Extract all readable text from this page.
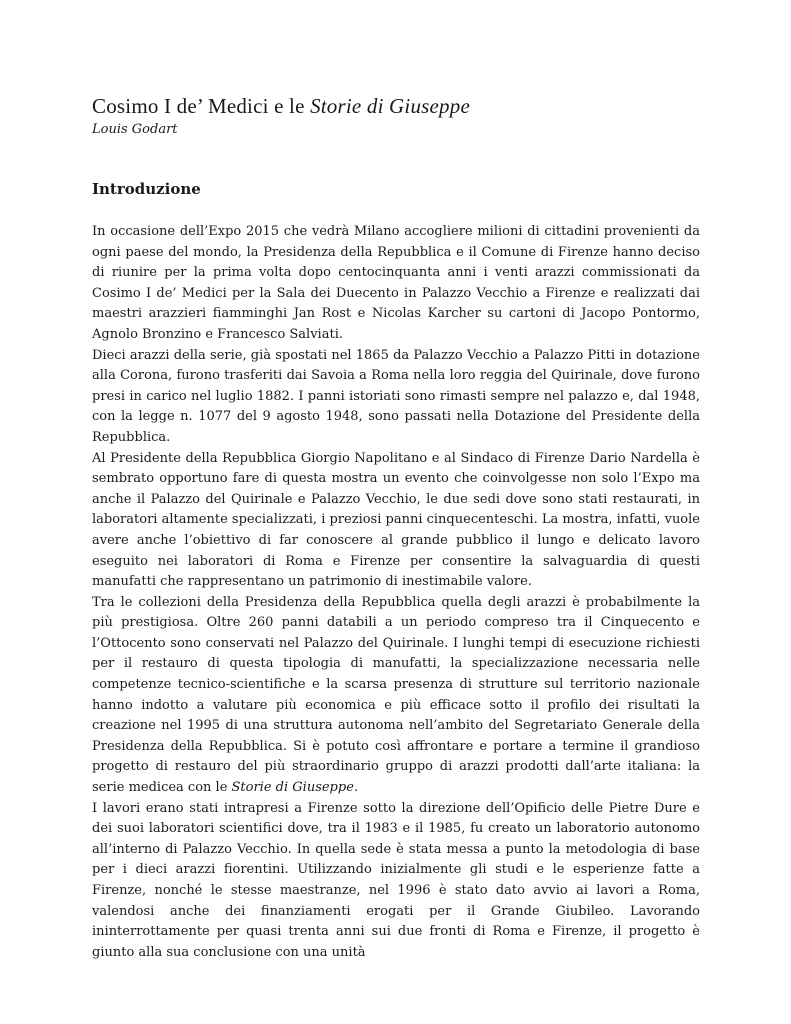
Cosimo I de’ Medici e le Storie di Giuseppe

Louis Godart

Introduzione

In occasione dell’Expo 2015 che vedrà Milano accogliere milioni di cittadini provenienti da ogni paese del mondo, la Presidenza della Repubblica e il Comune di Firenze hanno deciso di riunire per la prima volta dopo centocinquanta anni i venti arazzi commissionati da Cosimo I de’ Medici per la Sala dei Duecento in Palazzo Vecchio a Firenze e realizzati dai maestri arazzieri fiamminghi Jan Rost e Nicolas Karcher su cartoni di Jacopo Pontormo, Agnolo Bronzino e Francesco Salviati.

Dieci arazzi della serie, già spostati nel 1865 da Palazzo Vecchio a Palazzo Pitti in dotazione alla Corona, furono trasferiti dai Savoia a Roma nella loro reggia del Quirinale, dove furono presi in carico nel luglio 1882. I panni istoriati sono rimasti sempre nel palazzo e, dal 1948, con la legge n. 1077 del 9 agosto 1948, sono passati nella Dotazione del Presidente della Repubblica.

Al Presidente della Repubblica Giorgio Napolitano e al Sindaco di Firenze Dario Nardella è sembrato opportuno fare di questa mostra un evento che coinvolgesse non solo l’Expo ma anche il Palazzo del Quirinale e Palazzo Vecchio, le due sedi dove sono stati restaurati, in laboratori altamente specializzati, i preziosi panni cinquecenteschi. La mostra, infatti, vuole avere anche l’obiettivo di far conoscere al grande pubblico il lungo e delicato lavoro eseguito nei laboratori di Roma e Firenze per consentire la salvaguardia di questi manufatti che rappresentano un patrimonio di inestimabile valore.

Tra le collezioni della Presidenza della Repubblica quella degli arazzi è probabilmente la più prestigiosa. Oltre 260 panni databili a un periodo compreso tra il Cinquecento e l’Ottocento sono conservati nel Palazzo del Quirinale. I lunghi tempi di esecuzione richiesti per il restauro di questa tipologia di manufatti, la specializzazione necessaria nelle competenze tecnico-scientifiche e la scarsa presenza di strutture sul territorio nazionale hanno indotto a valutare più economica e più efficace sotto il profilo dei risultati la creazione nel 1995 di una struttura autonoma nell’ambito del Segretariato Generale della Presidenza della Repubblica. Si è potuto così affrontare e portare a termine il grandioso progetto di restauro del più straordinario gruppo di arazzi prodotti dall’arte italiana: la serie medicea con le Storie di Giuseppe.

I lavori erano stati intrapresi a Firenze sotto la direzione dell’Opificio delle Pietre Dure e dei suoi laboratori scientifici dove, tra il 1983 e il 1985, fu creato un laboratorio autonomo all’interno di Palazzo Vecchio. In quella sede è stata messa a punto la metodologia di base per i dieci arazzi fiorentini. Utilizzando inizialmente gli studi e le esperienze fatte a Firenze, nonché le stesse maestranze, nel 1996 è stato dato avvio ai lavori a Roma, valendosi anche dei finanziamenti erogati per il Grande Giubileo. Lavorando ininterrottamente per quasi trenta anni sui due fronti di Roma e Firenze, il progetto è giunto alla sua conclusione con una unità
